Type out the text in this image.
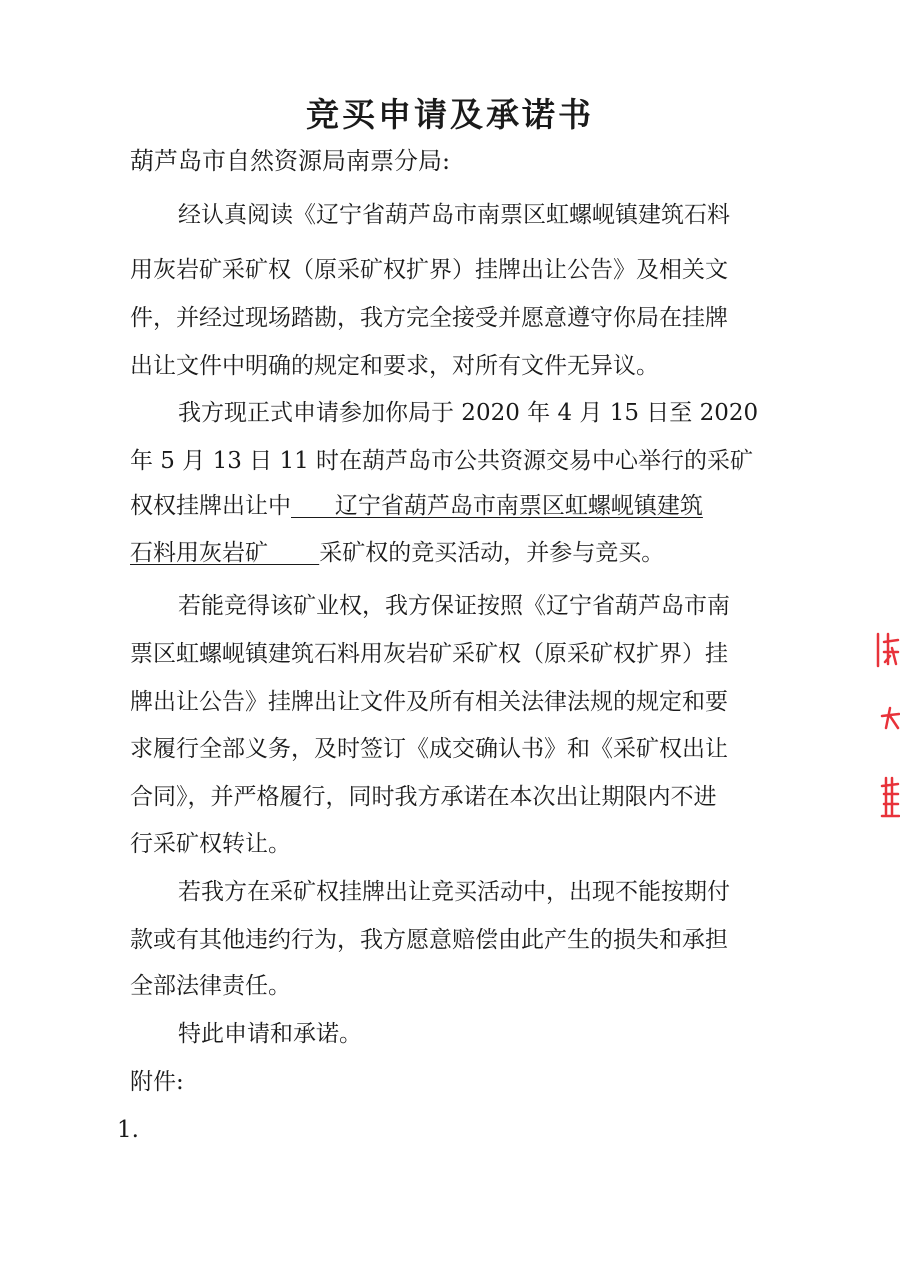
竞买申请及承诺书
葫芦岛市自然资源局南票分局:
经认真阅读《辽宁省葫芦岛市南票区虹螺岘镇建筑石料
用灰岩矿采矿权（原采矿权扩界）挂牌出让公告》及相关文
件，并经过现场踏勘，我方完全接受并愿意遵守你局在挂牌
出让文件中明确的规定和要求，对所有文件无异议。
我方现正式申请参加你局于 2020 年 4 月 15 日至 2020
年 5 月 13 日 11 时在葫芦岛市公共资源交易中心举行的采矿
权权挂牌出让中      辽宁省葫芦岛市南票区虹螺岘镇建筑
石料用灰岩矿       采矿权的竞买活动，并参与竞买。
若能竞得该矿业权，我方保证按照《辽宁省葫芦岛市南
票区虹螺岘镇建筑石料用灰岩矿采矿权（原采矿权扩界）挂
牌出让公告》挂牌出让文件及所有相关法律法规的规定和要
求履行全部义务，及时签订《成交确认书》和《采矿权出让
合同》，并严格履行，同时我方承诺在本次出让期限内不进
行采矿权转让。
若我方在采矿权挂牌出让竞买活动中，出现不能按期付
款或有其他违约行为，我方愿意赔偿由此产生的损失和承担
全部法律责任。
特此申请和承诺。
附件:
1.
